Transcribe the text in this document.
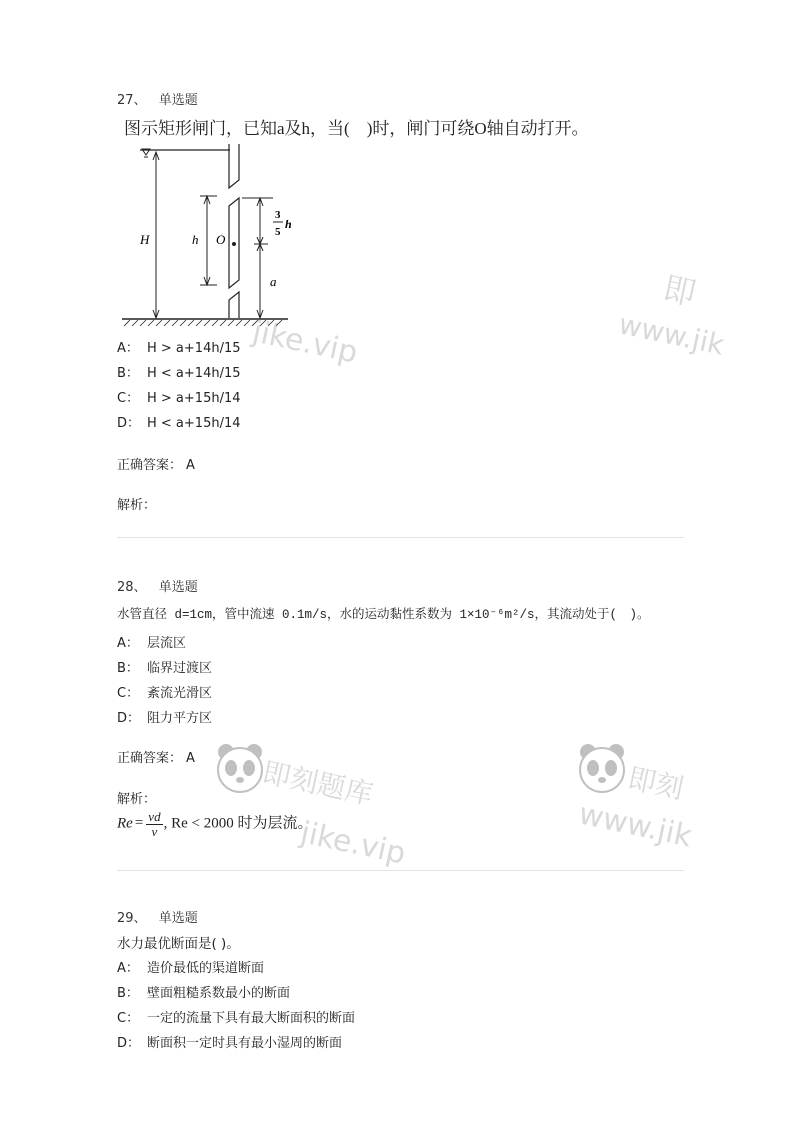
27、 单选题
图示矩形闸门，已知a及h，当(　)时，闸门可绕O轴自动打开。
H	h O
a
3
5
h
A： H > a+14h/15
B： H < a+14h/15
C： H > a+15h/14
D： H < a+15h/14
正确答案： A
解析：
28、 单选题
水管直径 d=1cm，管中流速 0.1m/s，水的运动黏性系数为 1×10⁻⁶m²/s，其流动处于(　)。
A： 层流区
B： 临界过渡区
C： 紊流光滑区
D： 阻力平方区
正确答案： A
解析：
$Re = \frac{vd}{\nu}$ , Re < 2000 时为层流。
29、 单选题
水力最优断面是( )。
A： 造价最低的渠道断面
B： 壁面粗糙系数最小的断面
C： 一定的流量下具有最大断面积的断面
D： 断面积一定时具有最小湿周的断面
jike.vip
即
www.jik
即刻题库
jike.vip
即刻
www.jik
